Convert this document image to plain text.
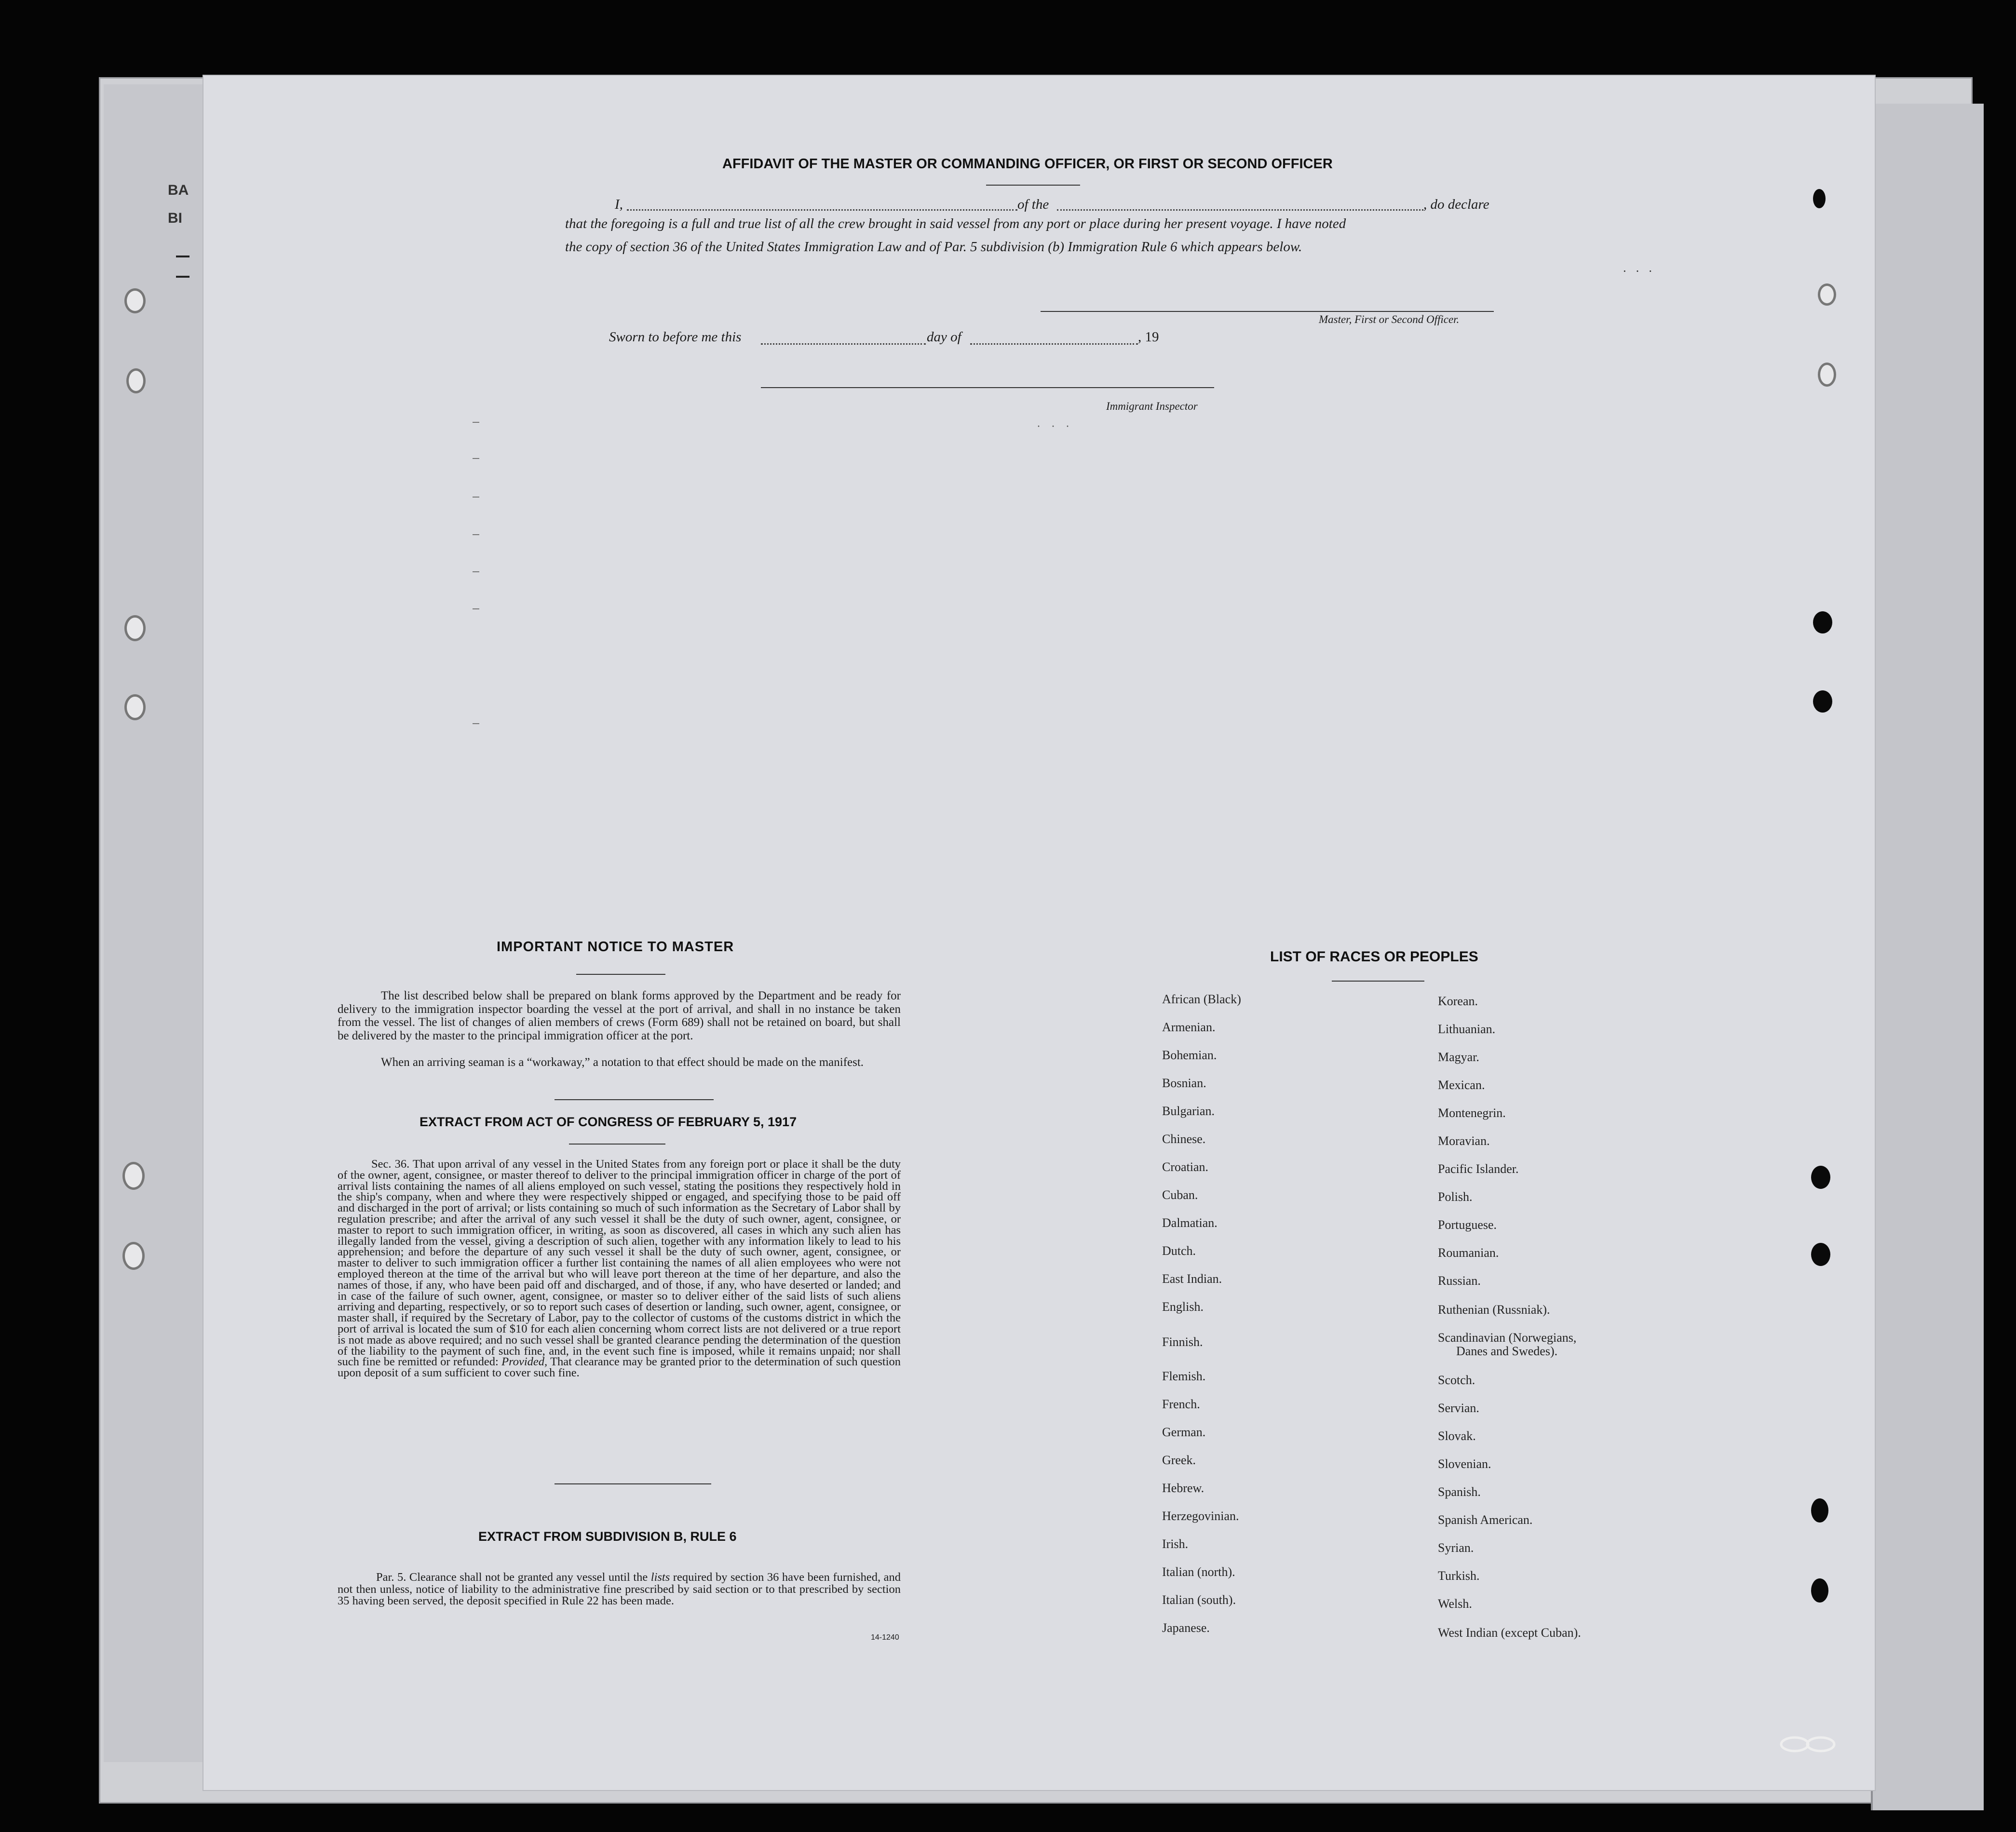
BA
BI
AFFIDAVIT OF THE MASTER OR COMMANDING OFFICER, OR FIRST OR SECOND OFFICER
I,	of the	, do declare
that the foregoing is a full and true list of all the crew brought in said vessel from any port or place during her present voyage. I have noted
the copy of section 36 of the United States Immigration Law and of Par. 5 subdivision (b) Immigration Rule 6 which appears below.
···
Master, First or Second Officer.
Sworn to before me this	day of	, 19
Immigrant Inspector
···
IMPORTANT NOTICE TO MASTER
The list described below shall be prepared on blank forms approved by the Department and be ready for delivery to the immigration inspector boarding the vessel at the port of arrival, and shall in no instance be taken from the vessel. The list of changes of alien members of crews (Form 689) shall not be retained on board, but shall be delivered by the master to the principal immigration officer at the port.
When an arriving seaman is a “workaway,” a notation to that effect should be made on the manifest.
EXTRACT FROM ACT OF CONGRESS OF FEBRUARY 5, 1917
Sec. 36. That upon arrival of any vessel in the United States from any foreign port or place it shall be the duty of the owner, agent, consignee, or master thereof to deliver to the principal immigration officer in charge of the port of arrival lists containing the names of all aliens employed on such vessel, stating the positions they respectively hold in the ship's company, when and where they were respectively shipped or engaged, and specifying those to be paid off and discharged in the port of arrival; or lists containing so much of such information as the Secretary of Labor shall by regulation prescribe; and after the arrival of any such vessel it shall be the duty of such owner, agent, consignee, or master to report to such immigration officer, in writing, as soon as discovered, all cases in which any such alien has illegally landed from the vessel, giving a description of such alien, together with any information likely to lead to his apprehension; and before the departure of any such vessel it shall be the duty of such owner, agent, consignee, or master to deliver to such immigration officer a further list containing the names of all alien employees who were not employed thereon at the time of the arrival but who will leave port thereon at the time of her departure, and also the names of those, if any, who have been paid off and discharged, and of those, if any, who have deserted or landed; and in case of the failure of such owner, agent, consignee, or master so to deliver either of the said lists of such aliens arriving and departing, respectively, or so to report such cases of desertion or landing, such owner, agent, consignee, or master shall, if required by the Secretary of Labor, pay to the collector of customs of the customs district in which the port of arrival is located the sum of $10 for each alien concerning whom correct lists are not delivered or a true report is not made as above required; and no such vessel shall be granted clearance pending the determination of the question of the liability to the payment of such fine, and, in the event such fine is imposed, while it remains unpaid; nor shall such fine be remitted or refunded: Provided, That clearance may be granted prior to the determination of such question upon deposit of a sum sufficient to cover such fine.
EXTRACT FROM SUBDIVISION B, RULE 6
Par. 5. Clearance shall not be granted any vessel until the lists required by section 36 have been furnished, and not then unless, notice of liability to the administrative fine prescribed by said section or to that prescribed by section 35 having been served, the deposit specified in Rule 22 has been made.
14-1240
LIST OF RACES OR PEOPLES
African (Black)
Armenian.
Bohemian.
Bosnian.
Bulgarian.
Chinese.
Croatian.
Cuban.
Dalmatian.
Dutch.
East Indian.
English.
Finnish.
Flemish.
French.
German.
Greek.
Hebrew.
Herzegovinian.
Irish.
Italian (north).
Italian (south).
Japanese.
Korean.
Lithuanian.
Magyar.
Mexican.
Montenegrin.
Moravian.
Pacific Islander.
Polish.
Portuguese.
Roumanian.
Russian.
Ruthenian (Russniak).
Scandinavian (Norwegians,
Danes and Swedes).
Scotch.
Servian.
Slovak.
Slovenian.
Spanish.
Spanish American.
Syrian.
Turkish.
Welsh.
West Indian (except Cuban).
